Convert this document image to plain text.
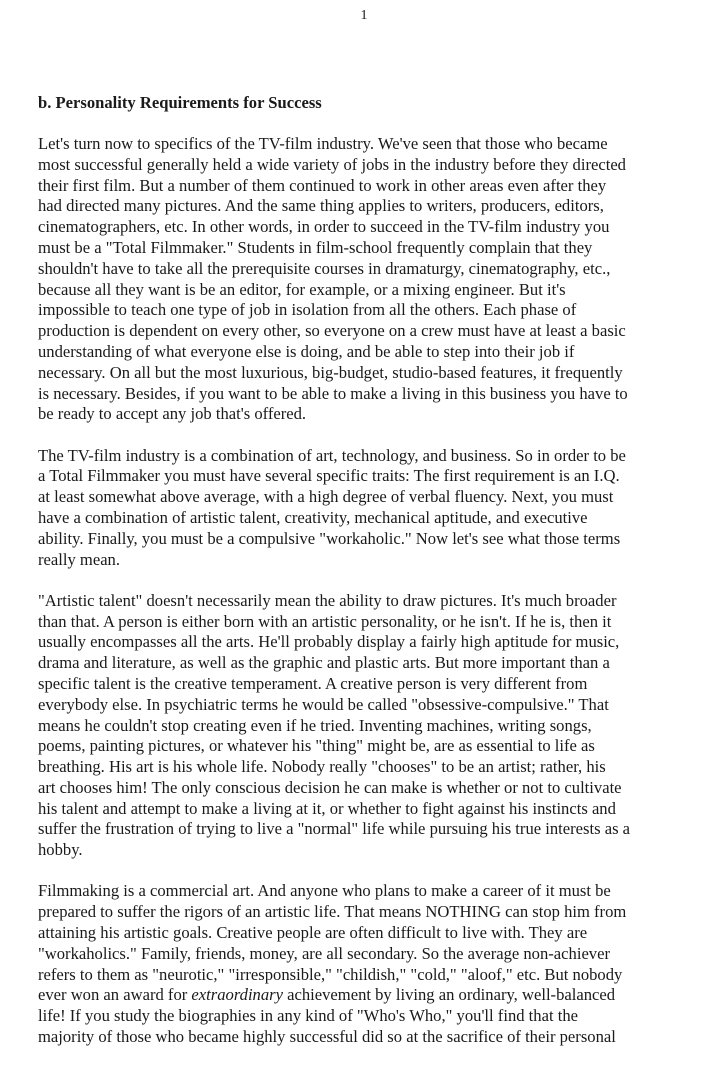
1
b. Personality Requirements for Success

Let's turn now to specifics of the TV-film industry. We've seen that those who became
most successful generally held a wide variety of jobs in the industry before they directed
their first film. But a number of them continued to work in other areas even after they
had directed many pictures. And the same thing applies to writers, producers, editors,
cinematographers, etc. In other words, in order to succeed in the TV-film industry you
must be a "Total Filmmaker." Students in film-school frequently complain that they
shouldn't have to take all the prerequisite courses in dramaturgy, cinematography, etc.,
because all they want is be an editor, for example, or a mixing engineer. But it's
impossible to teach one type of job in isolation from all the others. Each phase of
production is dependent on every other, so everyone on a crew must have at least a basic
understanding of what everyone else is doing, and be able to step into their job if
necessary. On all but the most luxurious, big-budget, studio-based features, it frequently
is necessary. Besides, if you want to be able to make a living in this business you have to
be ready to accept any job that's offered.

The TV-film industry is a combination of art, technology, and business. So in order to be
a Total Filmmaker you must have several specific traits: The first requirement is an I.Q.
at least somewhat above average, with a high degree of verbal fluency. Next, you must
have a combination of artistic talent, creativity, mechanical aptitude, and executive
ability. Finally, you must be a compulsive "workaholic." Now let's see what those terms
really mean.

"Artistic talent" doesn't necessarily mean the ability to draw pictures. It's much broader
than that. A person is either born with an artistic personality, or he isn't. If he is, then it
usually encompasses all the arts. He'll probably display a fairly high aptitude for music,
drama and literature, as well as the graphic and plastic arts. But more important than a
specific talent is the creative temperament. A creative person is very different from
everybody else. In psychiatric terms he would be called "obsessive-compulsive." That
means he couldn't stop creating even if he tried. Inventing machines, writing songs,
poems, painting pictures, or whatever his "thing" might be, are as essential to life as
breathing. His art is his whole life. Nobody really "chooses" to be an artist; rather, his
art chooses him! The only conscious decision he can make is whether or not to cultivate
his talent and attempt to make a living at it, or whether to fight against his instincts and
suffer the frustration of trying to live a "normal" life while pursuing his true interests as a
hobby.

Filmmaking is a commercial art. And anyone who plans to make a career of it must be
prepared to suffer the rigors of an artistic life. That means NOTHING can stop him from
attaining his artistic goals. Creative people are often difficult to live with. They are
"workaholics." Family, friends, money, are all secondary. So the average non-achiever
refers to them as "neurotic," "irresponsible," "childish," "cold," "aloof," etc. But nobody
ever won an award for extraordinary achievement by living an ordinary, well-balanced
life! If you study the biographies in any kind of "Who's Who," you'll find that the
majority of those who became highly successful did so at the sacrifice of their personal
